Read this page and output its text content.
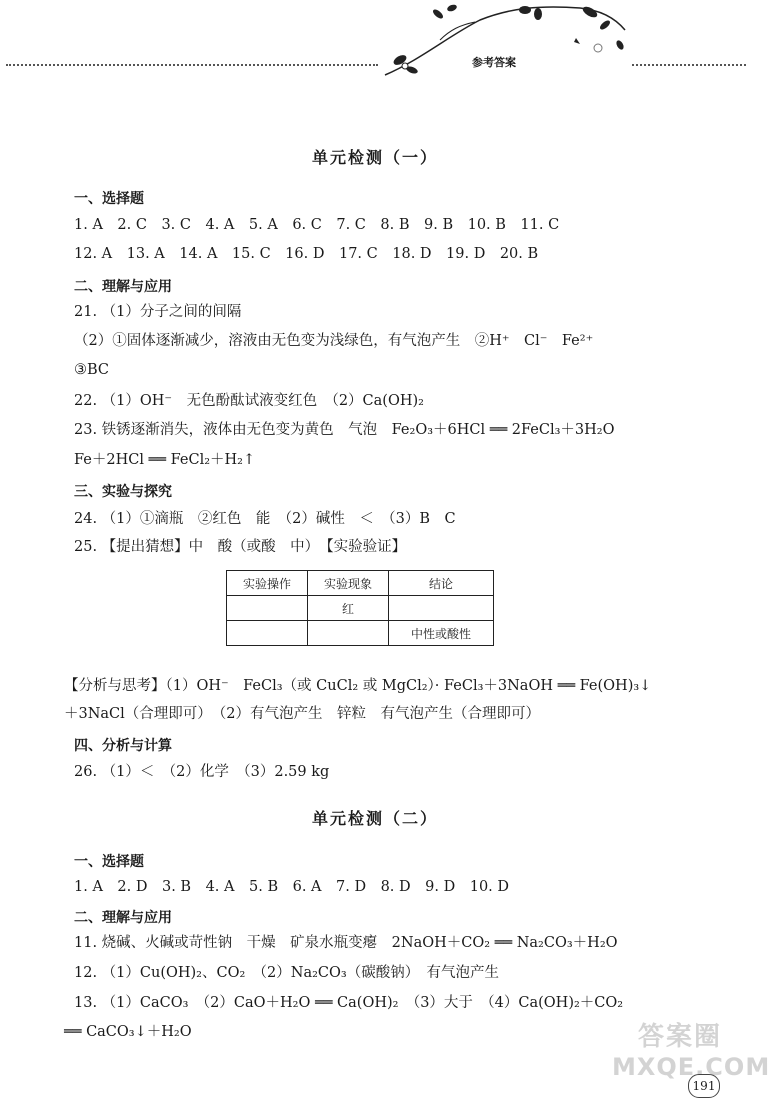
参考答案
单元检测（一）
一、选择题
1. A　2. C　3. C　4. A　5. A　6. C　7. C　8. B　9. B　10. B　11. C
12. A　13. A　14. A　15. C　16. D　17. C　18. D　19. D　20. B
二、理解与应用
21. （1）分子之间的间隔
（2）①固体逐渐减少，溶液由无色变为浅绿色，有气泡产生　②H⁺　Cl⁻　Fe²⁺
③BC
22. （1）OH⁻　无色酚酞试液变红色　（2）Ca(OH)₂
23. 铁锈逐渐消失，液体由无色变为黄色　气泡　Fe₂O₃＋6HCl ══ 2FeCl₃＋3H₂O
Fe＋2HCl ══ FeCl₂＋H₂↑
三、实验与探究
24. （1）①滴瓶　②红色　能　（2）碱性　＜　（3）B　C
25. 【提出猜想】中　酸（或酸　中）　【实验验证】
实验操作	实验现象	结论
	红	
		中性或酸性
【分析与思考】（1）OH⁻　FeCl₃（或 CuCl₂ 或 MgCl₂）· FeCl₃＋3NaOH ══ Fe(OH)₃↓
＋3NaCl（合理即可）　（2）有气泡产生　锌粒　有气泡产生（合理即可）
四、分析与计算
26. （1）＜　（2）化学　（3）2.59 kg
单元检测（二）
一、选择题
1. A　2. D　3. B　4. A　5. B　6. A　7. D　8. D　9. D　10. D
二、理解与应用
11. 烧碱、火碱或苛性钠　干燥　矿泉水瓶变瘪　2NaOH＋CO₂ ══ Na₂CO₃＋H₂O
12. （1）Cu(OH)₂、CO₂　（2）Na₂CO₃（碳酸钠）　有气泡产生
13. （1）CaCO₃　（2）CaO＋H₂O ══ Ca(OH)₂　（3）大于　（4）Ca(OH)₂＋CO₂
══ CaCO₃↓＋H₂O	答案圈
MXQE.COM
191
